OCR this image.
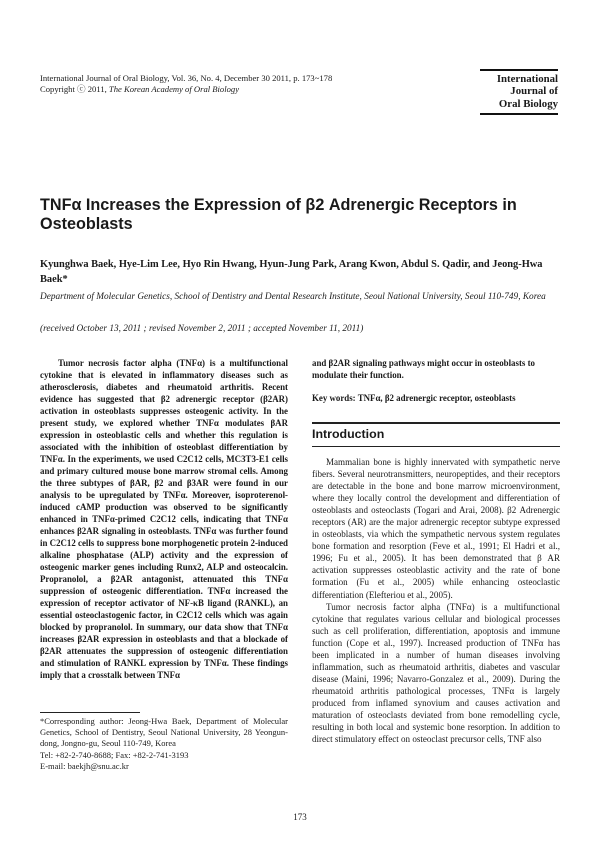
International Journal of Oral Biology, Vol. 36, No. 4, December 30 2011, p. 173~178
Copyright ⓒ 2011, The Korean Academy of Oral Biology
International
Journal of
Oral Biology
TNFα Increases the Expression of β2 Adrenergic Receptors in Osteoblasts
Kyunghwa Baek, Hye-Lim Lee, Hyo Rin Hwang, Hyun-Jung Park, Arang Kwon, Abdul S. Qadir, and Jeong-Hwa Baek*
Department of Molecular Genetics, School of Dentistry and Dental Research Institute, Seoul National University, Seoul 110-749, Korea
(received October 13, 2011 ; revised November 2, 2011 ; accepted November 11, 2011)
Tumor necrosis factor alpha (TNFα) is a multifunctional cytokine that is elevated in inflammatory diseases such as atherosclerosis, diabetes and rheumatoid arthritis. Recent evidence has suggested that β2 adrenergic receptor (β2AR) activation in osteoblasts suppresses osteogenic activity. In the present study, we explored whether TNFα modulates βAR expression in osteoblastic cells and whether this regulation is associated with the inhibition of osteoblast differentiation by TNFα. In the experiments, we used C2C12 cells, MC3T3-E1 cells and primary cultured mouse bone marrow stromal cells. Among the three subtypes of βAR, β2 and β3AR were found in our analysis to be upregulated by TNFα. Moreover, isoproterenol-induced cAMP production was observed to be significantly enhanced in TNFα-primed C2C12 cells, indicating that TNFα enhances β2AR signaling in osteoblasts. TNFα was further found in C2C12 cells to suppress bone morphogenetic protein 2-induced alkaline phosphatase (ALP) activity and the expression of osteogenic marker genes including Runx2, ALP and osteocalcin. Propranolol, a β2AR antagonist, attenuated this TNFα suppression of osteogenic differentiation. TNFα increased the expression of receptor activator of NF-κB ligand (RANKL), an essential osteoclastogenic factor, in C2C12 cells which was again blocked by propranolol. In summary, our data show that TNFα increases β2AR expression in osteoblasts and that a blockade of β2AR attenuates the suppression of osteogenic differentiation and stimulation of RANKL expression by TNFα. These findings imply that a crosstalk between TNFα
and β2AR signaling pathways might occur in osteoblasts to modulate their function.
Key words: TNFα, β2 adrenergic receptor, osteoblasts
Introduction

Mammalian bone is highly innervated with sympathetic nerve fibers. Several neurotransmitters, neuropeptides, and their receptors are detectable in the bone and bone marrow microenvironment, where they locally control the development and differentiation of osteoblasts and osteoclasts (Togari and Arai, 2008). β2 Adrenergic receptors (AR) are the major adrenergic receptor subtype expressed in osteoblasts, via which the sympathetic nervous system regulates bone formation and resorption (Feve et al., 1991; El Hadri et al., 1996; Fu et al., 2005). It has been demonstrated that β AR activation suppresses osteoblastic activity and the rate of bone formation (Fu et al., 2005) while enhancing osteoclastic differentiation (Elefteriou et al., 2005).

Tumor necrosis factor alpha (TNFα) is a multifunctional cytokine that regulates various cellular and biological processes such as cell proliferation, differentiation, apoptosis and immune function (Cope et al., 1997). Increased production of TNFα has been implicated in a number of human diseases involving inflammation, such as rheumatoid arthritis, diabetes and vascular disease (Maini, 1996; Navarro-Gonzalez et al., 2009). During the rheumatoid arthritis pathological processes, TNFα is largely produced from inflamed synovium and causes activation and maturation of osteoclasts deviated from bone remodelling cycle, resulting in both local and systemic bone resorption. In addition to direct stimulatory effect on osteoclast precursor cells, TNF also

*Corresponding author: Jeong-Hwa Baek, Department of Molecular Genetics, School of Dentistry, Seoul National University, 28 Yeongun-dong, Jongno-gu, Seoul 110-749, Korea
Tel: +82-2-740-8688; Fax: +82-2-741-3193
E-mail: baekjh@snu.ac.kr
173
